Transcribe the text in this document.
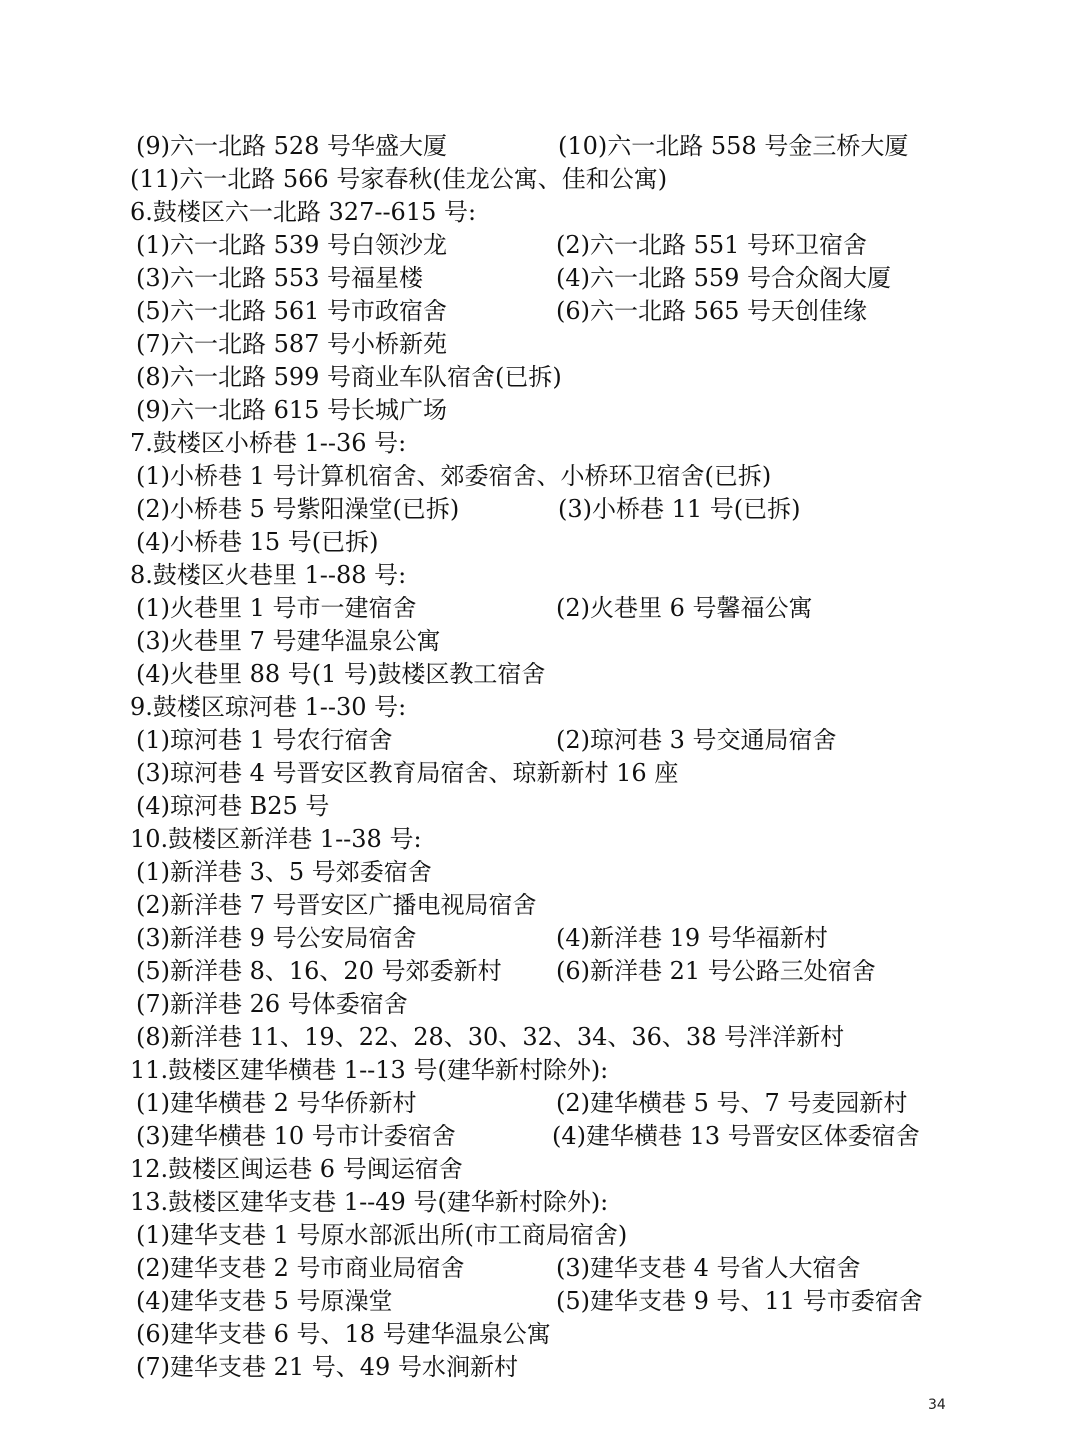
(9)六一北路 528 号华盛大厦	(10)六一北路 558 号金三桥大厦
(11)六一北路 566 号家春秋(佳龙公寓、佳和公寓)
6.鼓楼区六一北路 327--615 号:
(1)六一北路 539 号白领沙龙	(2)六一北路 551 号环卫宿舍
(3)六一北路 553 号福星楼	(4)六一北路 559 号合众阁大厦
(5)六一北路 561 号市政宿舍	(6)六一北路 565 号天创佳缘
(7)六一北路 587 号小桥新苑
(8)六一北路 599 号商业车队宿舍(已拆)
(9)六一北路 615 号长城广场
7.鼓楼区小桥巷 1--36 号:
(1)小桥巷 1 号计算机宿舍、郊委宿舍、小桥环卫宿舍(已拆)
(2)小桥巷 5 号紫阳澡堂(已拆)	(3)小桥巷 11 号(已拆)
(4)小桥巷 15 号(已拆)
8.鼓楼区火巷里 1--88 号:
(1)火巷里 1 号市一建宿舍	(2)火巷里 6 号馨福公寓
(3)火巷里 7 号建华温泉公寓
(4)火巷里 88 号(1 号)鼓楼区教工宿舍
9.鼓楼区琼河巷 1--30 号:
(1)琼河巷 1 号农行宿舍	(2)琼河巷 3 号交通局宿舍
(3)琼河巷 4 号晋安区教育局宿舍、琼新新村 16 座
(4)琼河巷 B25 号
10.鼓楼区新洋巷 1--38 号:
(1)新洋巷 3、5 号郊委宿舍
(2)新洋巷 7 号晋安区广播电视局宿舍
(3)新洋巷 9 号公安局宿舍	(4)新洋巷 19 号华福新村
(5)新洋巷 8、16、20 号郊委新村 (6)新洋巷 21 号公路三处宿舍
(7)新洋巷 26 号体委宿舍
(8)新洋巷 11、19、22、28、30、32、34、36、38 号泮洋新村
11.鼓楼区建华横巷 1--13 号(建华新村除外):
(1)建华横巷 2 号华侨新村	(2)建华横巷 5 号、7 号麦园新村
(3)建华横巷 10 号市计委宿舍	(4)建华横巷 13 号晋安区体委宿舍
12.鼓楼区闽运巷 6 号闽运宿舍
13.鼓楼区建华支巷 1--49 号(建华新村除外):
(1)建华支巷 1 号原水部派出所(市工商局宿舍)
(2)建华支巷 2 号市商业局宿舍	(3)建华支巷 4 号省人大宿舍
(4)建华支巷 5 号原澡堂	(5)建华支巷 9 号、11 号市委宿舍
(6)建华支巷 6 号、18 号建华温泉公寓
(7)建华支巷 21 号、49 号水涧新村
34
